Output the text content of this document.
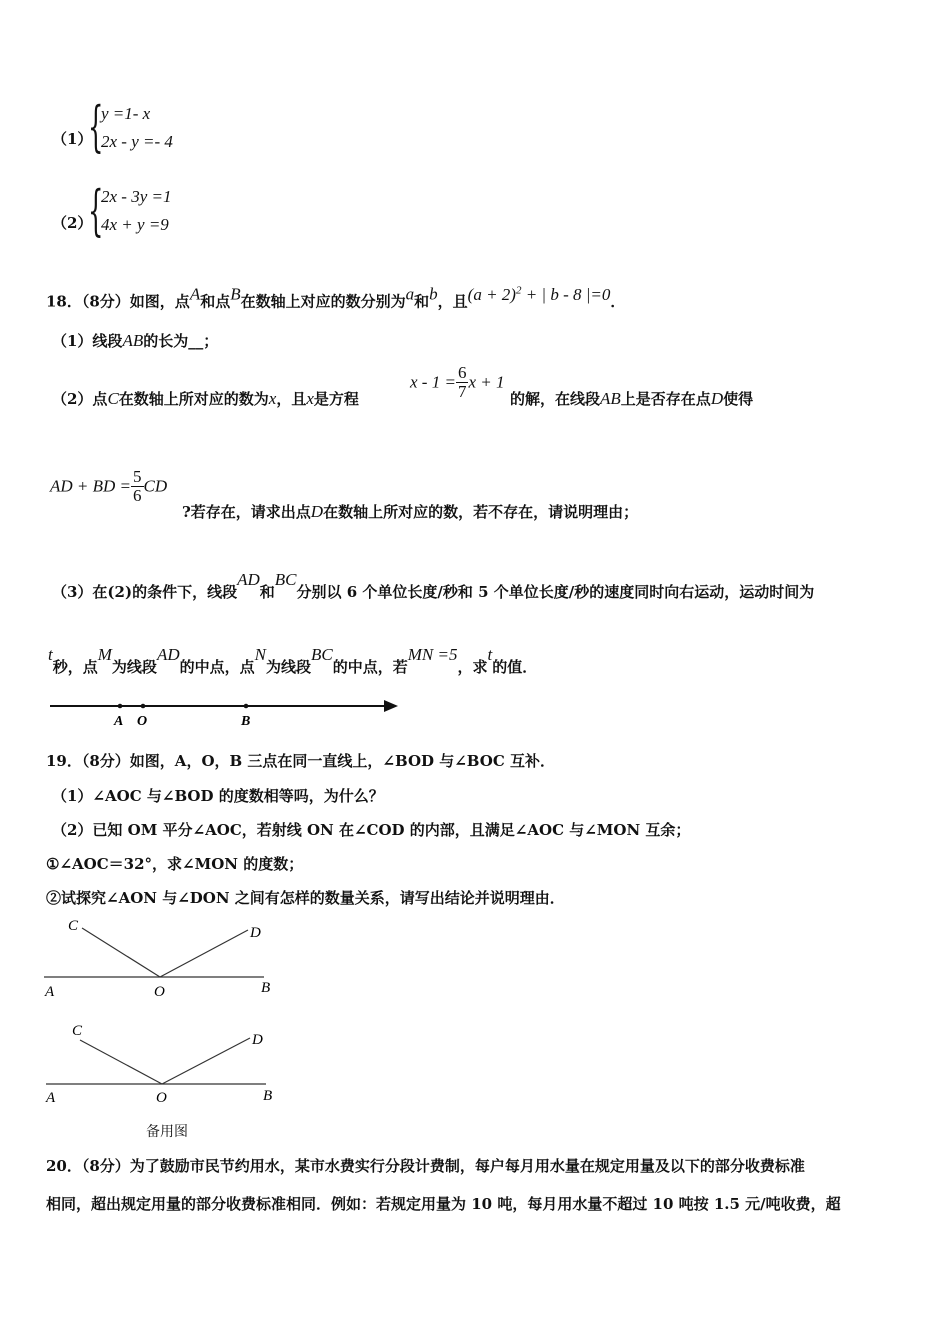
（1）
{
y =1- x
2x - y =- 4
（2）
{
2x - 3y =1
4x + y =9
18．（8分）如图，点A和点B在数轴上对应的数分别为a和b，且$(a + 2)^2$ + | b - 8 |=0．
（1）线段AB的长为__；
（2）点C在数轴上所对应的数为x，且x是方程
$x - 1 = \frac{6}{7}$ x + 1
的解，在线段AB上是否存在点D使得
AD + BD = $\frac{5}{6}$ CD
?若存在，请求出点D在数轴上所对应的数，若不存在，请说明理由；
（3）在(2)的条件下，线段AD和BC分别以 6 个单位长度/秒和 5 个单位长度/秒的速度同时向右运动，运动时间为
t秒，点M为线段AD的中点，点N为线段BC的中点，若MN =5，求t的值．
A O	B
19．（8分）如图，A，O，B 三点在同一直线上，∠BOD 与∠BOC 互补．
（1）∠AOC 与∠BOD 的度数相等吗，为什么？
（2）已知 OM 平分∠AOC，若射线 ON 在∠COD 的内部，且满足∠AOC 与∠MON 互余；
①∠AOC＝32°，求∠MON 的度数；
②试探究∠AON 与∠DON 之间有怎样的数量关系，请写出结论并说明理由．
C	D
A	O	B
C
D
A	O	B
备用图
20．（8分）为了鼓励市民节约用水，某市水费实行分段计费制，每户每月用水量在规定用量及以下的部分收费标准
相同，超出规定用量的部分收费标准相同．例如：若规定用量为 10 吨，每月用水量不超过 10 吨按 1.5 元/吨收费，超
